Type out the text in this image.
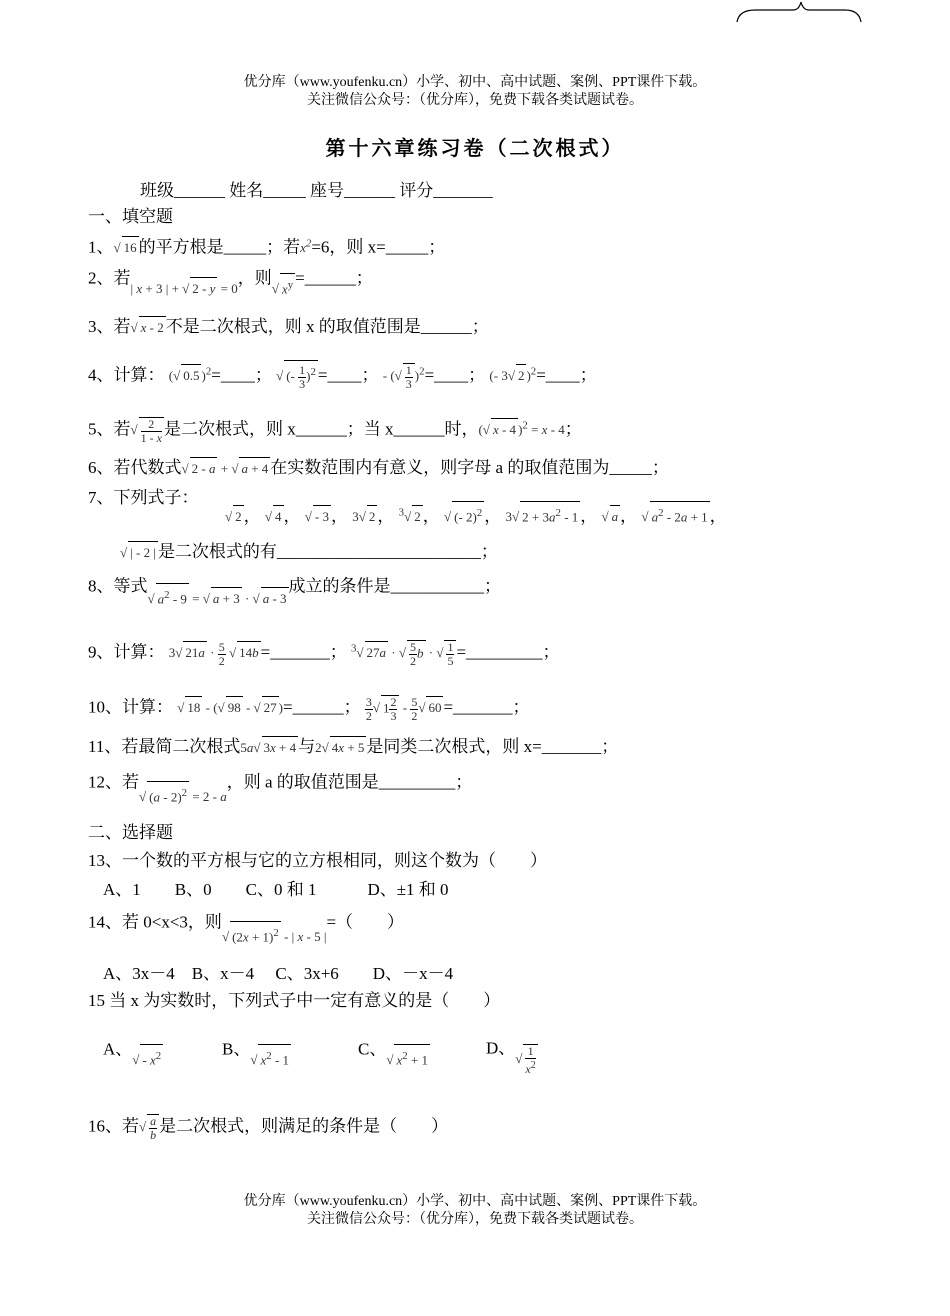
优分库（www.youfenku.cn）小学、初中、高中试题、案例、PPT课件下载。
关注微信公众号：（优分库），免费下载各类试题试卷。
第十六章练习卷（二次根式）
班级______ 姓名_____ 座号______ 评分_______
一、填空题
1、√ 16 的平方根是_____；若$x^2=6$，则 x=_____；
2、若$_{| x + 3 | + √ 2 - y = 0}$，则$_{√ x^y}$ =______；
3、若√ x - 2 不是二次根式，则 x 的取值范围是______；
4、计算： (√ 0.5 )$^2$=____； √ (- $\frac{1}{3} )^2$ =____； - (√ $\frac{1}{3}$ )$^2$=____； (- 3√ 2 )$^2$=____；
5、若√ $\frac{2}{1 - x}$ 是二次根式，则 x______；当 x______时，(√ x - 4 )$^2$ = x - 4；
6、若代数式√ 2 - a + √ a + 4 在实数范围内有意义，则字母 a 的取值范围为_____；
7、下列式子：
√ 2 ， √ 4 ， √ - 3 ， 3√ 2 ， $^3$√ 2 ， √ (- 2)$^2$ ， 3√ $2 + 3a^2 - 1$ ， √ a ， √ $a^2 - 2a + 1$ ，
√ | - 2 | 是二次根式的有________________________；
8、等式$_{√ a^2 - 9 = √ a + 3 \cdot √ a - 3}$成立的条件是___________；
9、计算： 3√ $21a \cdot \frac{5}{2}$ √ 14b =_______； $^3$√ 27a · √ $\frac{5}{2}$ b · √ $\frac{1}{5}$ =_________；
10、计算： √ 18 - (√ 98 - √ 27 )=______； $\frac{3}{2}$ √ $1 \frac{2}{3} - \frac{5}{2}$ √ 60 =_______；
11、若最简二次根式5a√ 3x + 4 与2√ 4x + 5 是同类二次根式，则 x=_______；
12、若$_{√ (a - 2)^2 = 2 - a}$，则 a 的取值范围是_________；
二、选择题
13、一个数的平方根与它的立方根相同，则这个数为（　　）
A、1　　B、0　　C、0 和 1　　　D、±1 和 0
14、若 0<x<3，则$_{√ (2x + 1)^2 - | x - 5 |}$=（　　）
A、3x－4　B、x－4　 C、3x+6　　D、－x－4
15 当 x 为实数时，下列式子中一定有意义的是（　　）
A、$_{√ - x^2}$	B、$_{√ x^2 - 1}$
C、$_{√ x^2 + 1}$
D、$_{√ \frac{1}{x^2}}$
16、若√ $\frac{a}{b}$ 是二次根式，则满足的条件是（　　）
优分库（www.youfenku.cn）小学、初中、高中试题、案例、PPT课件下载。
关注微信公众号：（优分库），免费下载各类试题试卷。
